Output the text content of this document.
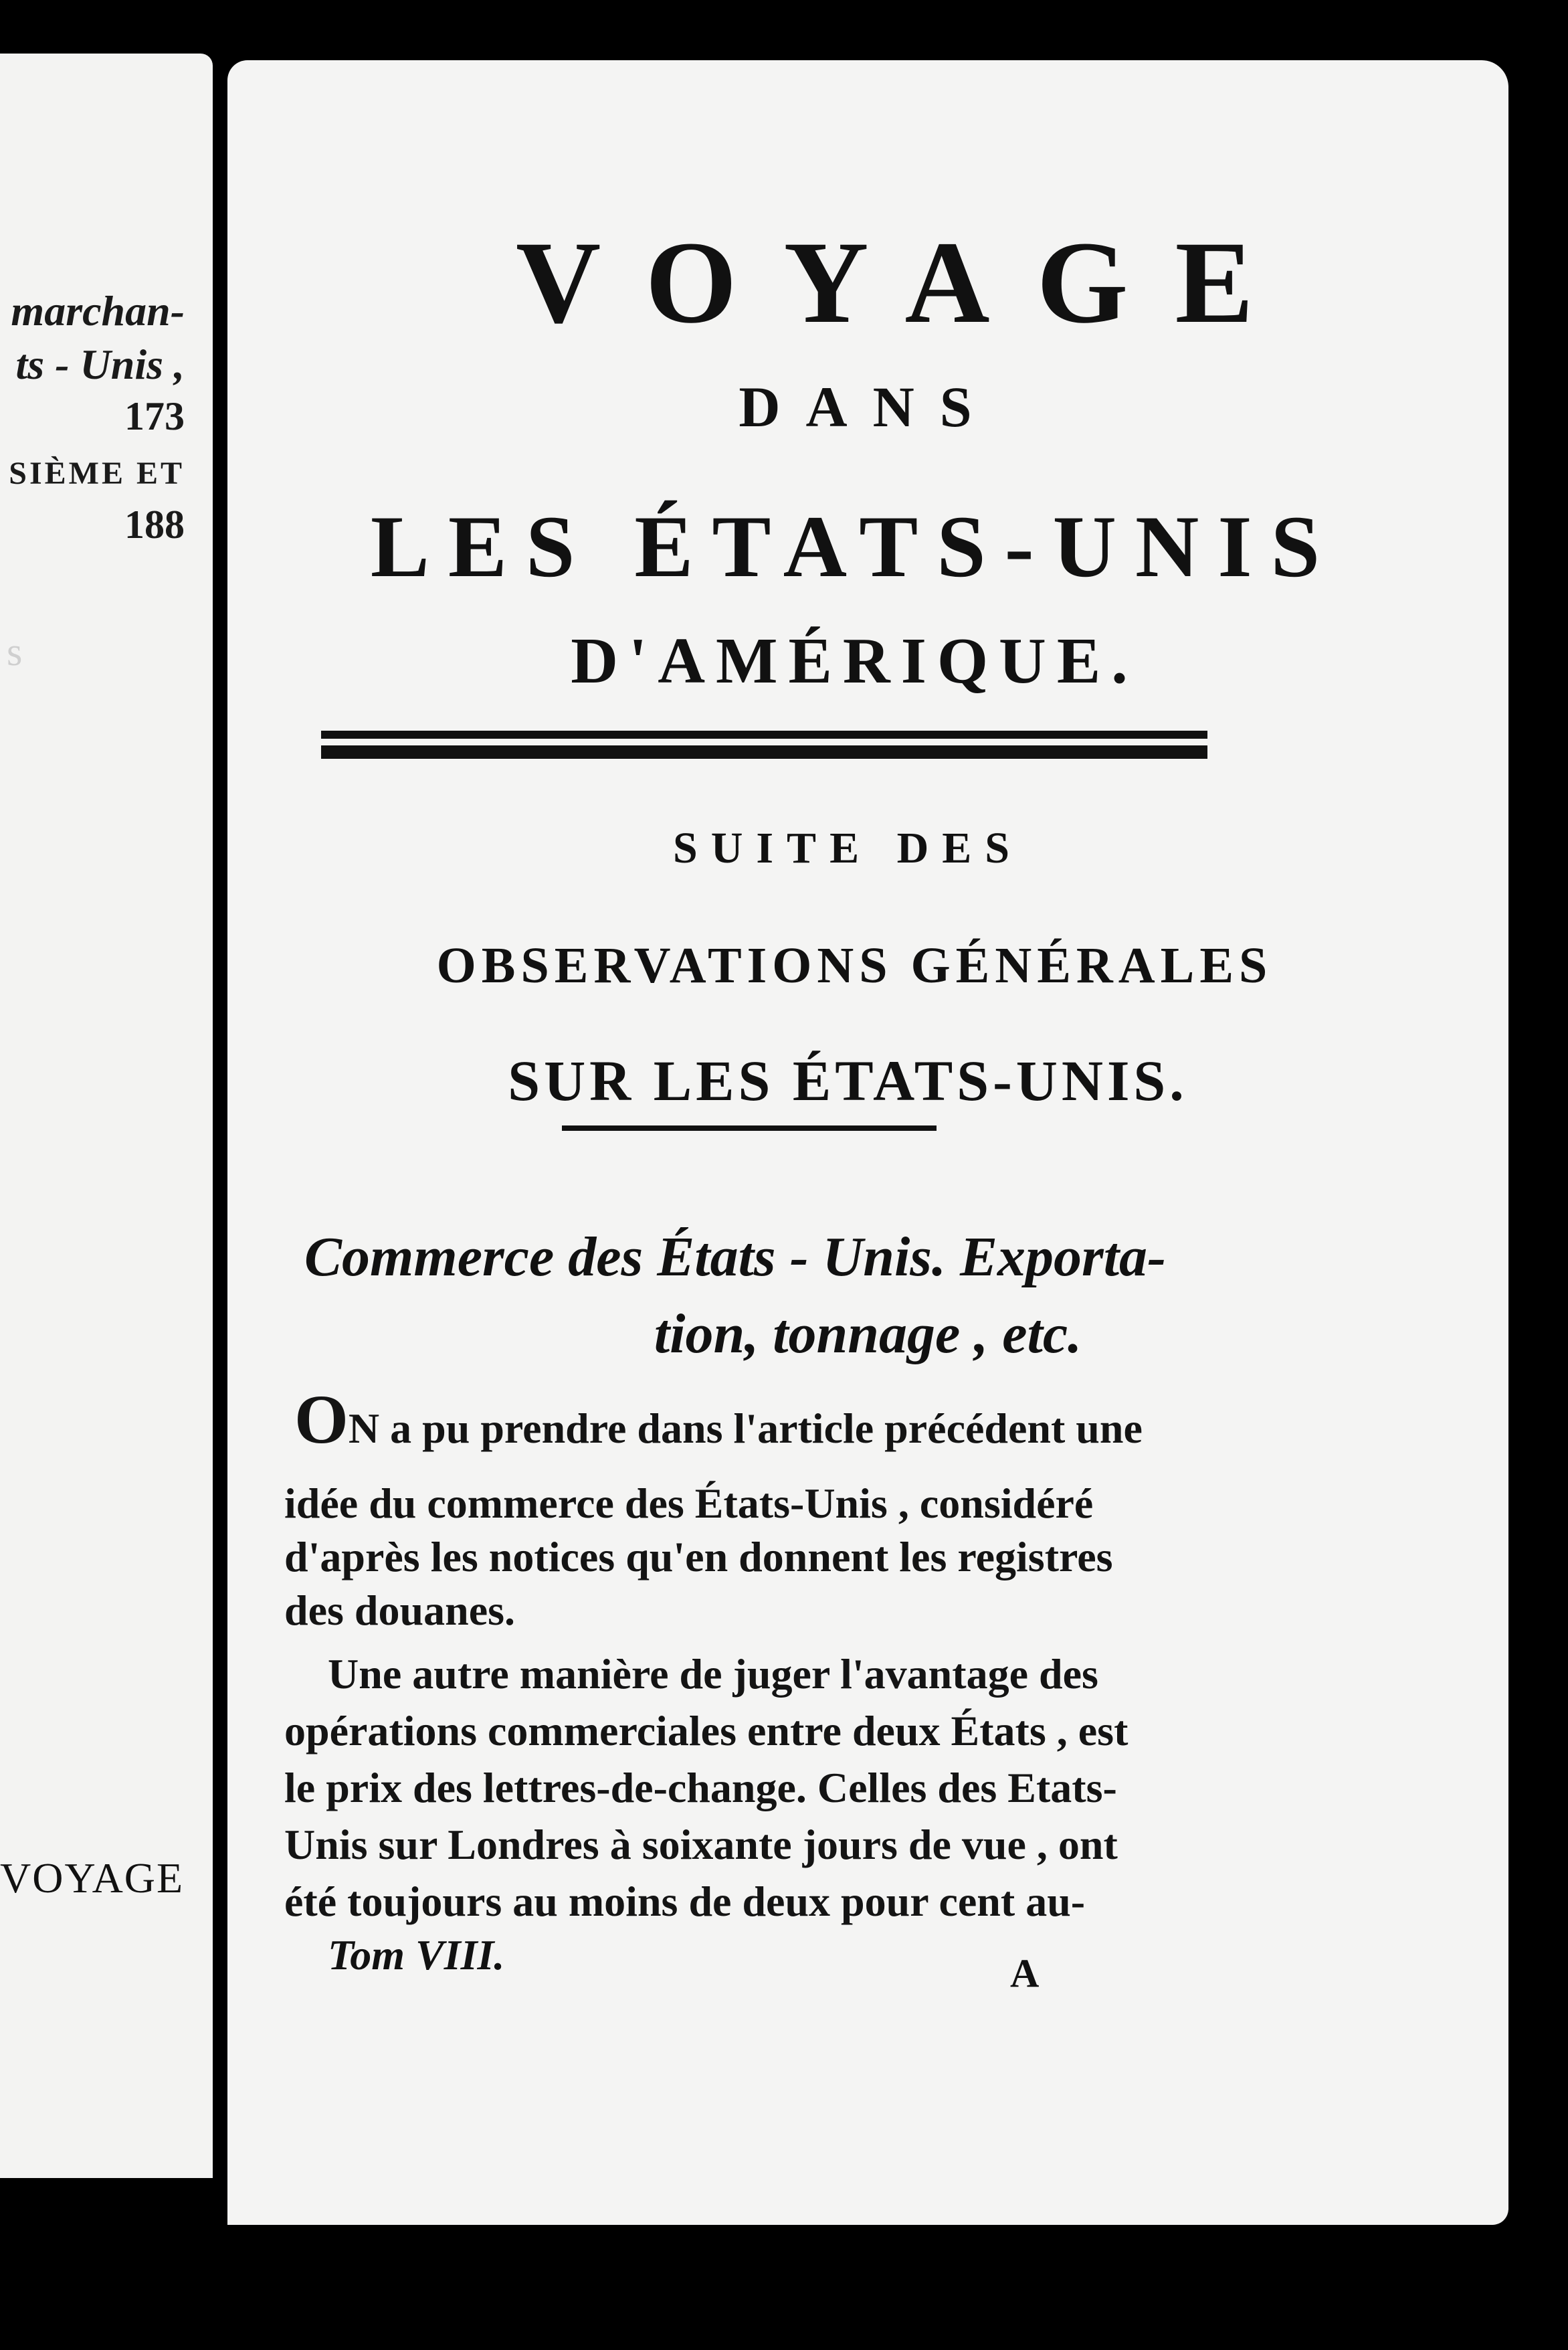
s
marchan-
ts - Unis ,
173
SIÈME ET
188
VOYAGE
VOYAGE
DANS
LES ÉTATS-UNIS
D'AMÉRIQUE.
SUITE DES
OBSERVATIONS GÉNÉRALES
SUR LES ÉTATS-UNIS.
Commerce des États - Unis. Exporta-
tion, tonnage , etc.
ON a pu prendre dans l'article précédent une
idée du commerce des États-Unis , considéré
d'après les notices qu'en donnent les registres
des douanes.
Une autre manière de juger l'avantage des
opérations commerciales entre deux États , est
le prix des lettres-de-change. Celles des Etats-
Unis sur Londres à soixante jours de vue , ont
été toujours au moins de deux pour cent au-
Tom VIII.	A
